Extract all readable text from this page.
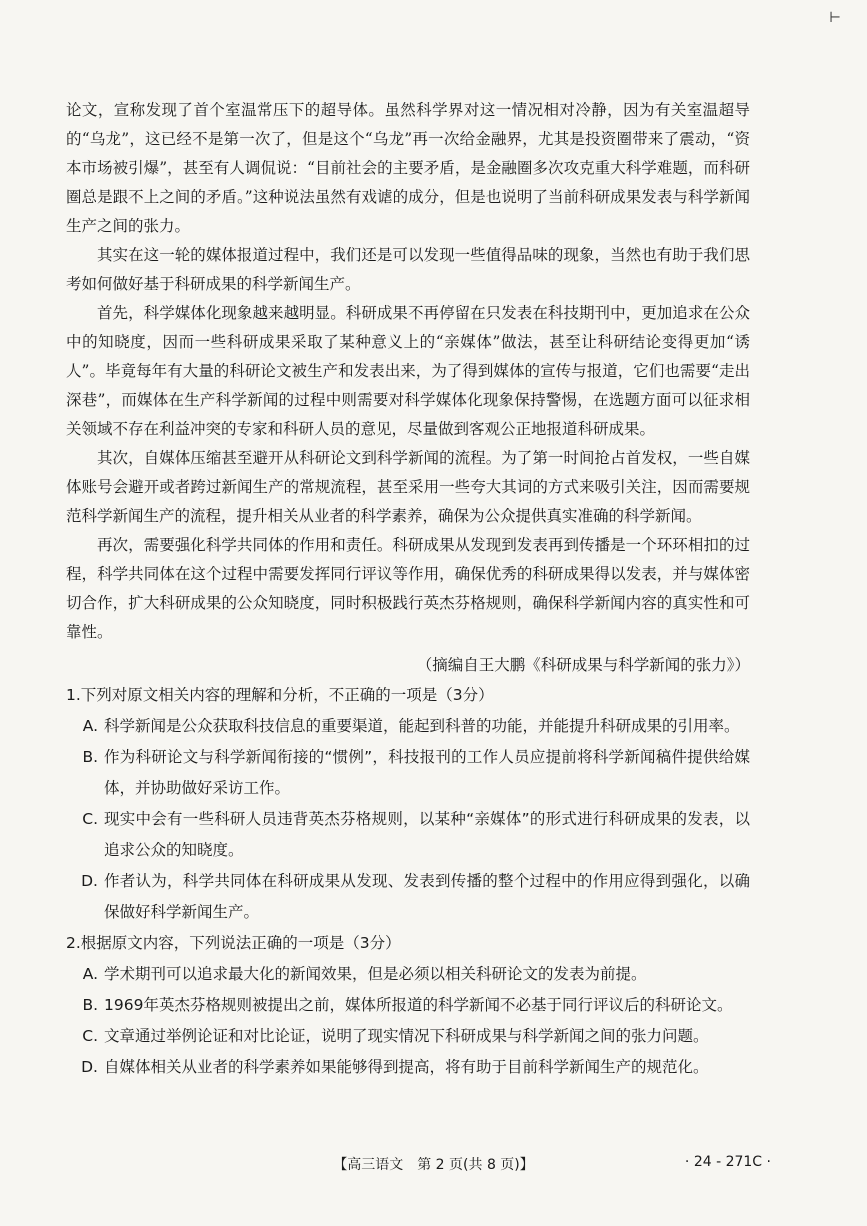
⊢

论文，宣称发现了首个室温常压下的超导体。虽然科学界对这一情况相对冷静，因为有关室温超导的“乌龙”，这已经不是第一次了，但是这个“乌龙”再一次给金融界，尤其是投资圈带来了震动，“资本市场被引爆”，甚至有人调侃说：“目前社会的主要矛盾，是金融圈多次攻克重大科学难题，而科研圈总是跟不上之间的矛盾。”这种说法虽然有戏谑的成分，但是也说明了当前科研成果发表与科学新闻生产之间的张力。

其实在这一轮的媒体报道过程中，我们还是可以发现一些值得品味的现象，当然也有助于我们思考如何做好基于科研成果的科学新闻生产。

首先，科学媒体化现象越来越明显。科研成果不再停留在只发表在科技期刊中，更加追求在公众中的知晓度，因而一些科研成果采取了某种意义上的“亲媒体”做法，甚至让科研结论变得更加“诱人”。毕竟每年有大量的科研论文被生产和发表出来，为了得到媒体的宣传与报道，它们也需要“走出深巷”，而媒体在生产科学新闻的过程中则需要对科学媒体化现象保持警惕，在选题方面可以征求相关领域不存在利益冲突的专家和科研人员的意见，尽量做到客观公正地报道科研成果。

其次，自媒体压缩甚至避开从科研论文到科学新闻的流程。为了第一时间抢占首发权，一些自媒体账号会避开或者跨过新闻生产的常规流程，甚至采用一些夸大其词的方式来吸引关注，因而需要规范科学新闻生产的流程，提升相关从业者的科学素养，确保为公众提供真实准确的科学新闻。

再次，需要强化科学共同体的作用和责任。科研成果从发现到发表再到传播是一个环环相扣的过程，科学共同体在这个过程中需要发挥同行评议等作用，确保优秀的科研成果得以发表，并与媒体密切合作，扩大科研成果的公众知晓度，同时积极践行英杰芬格规则，确保科学新闻内容的真实性和可靠性。

（摘编自王大鹏《科研成果与科学新闻的张力》）

1.下列对原文相关内容的理解和分析，不正确的一项是（3分）

A. 科学新闻是公众获取科技信息的重要渠道，能起到科普的功能，并能提升科研成果的引用率。
B. 作为科研论文与科学新闻衔接的“惯例”，科技报刊的工作人员应提前将科学新闻稿件提供给媒体，并协助做好采访工作。
C. 现实中会有一些科研人员违背英杰芬格规则，以某种“亲媒体”的形式进行科研成果的发表，以追求公众的知晓度。
D. 作者认为，科学共同体在科研成果从发现、发表到传播的整个过程中的作用应得到强化，以确保做好科学新闻生产。

2.根据原文内容，下列说法正确的一项是（3分）

A. 学术期刊可以追求最大化的新闻效果，但是必须以相关科研论文的发表为前提。
B. 1969年英杰芬格规则被提出之前，媒体所报道的科学新闻不必基于同行评议后的科研论文。
C. 文章通过举例论证和对比论证，说明了现实情况下科研成果与科学新闻之间的张力问题。
D. 自媒体相关从业者的科学素养如果能够得到提高，将有助于目前科学新闻生产的规范化。
【高三语文　第 2 页(共 8 页)】	· 24 - 271C ·
